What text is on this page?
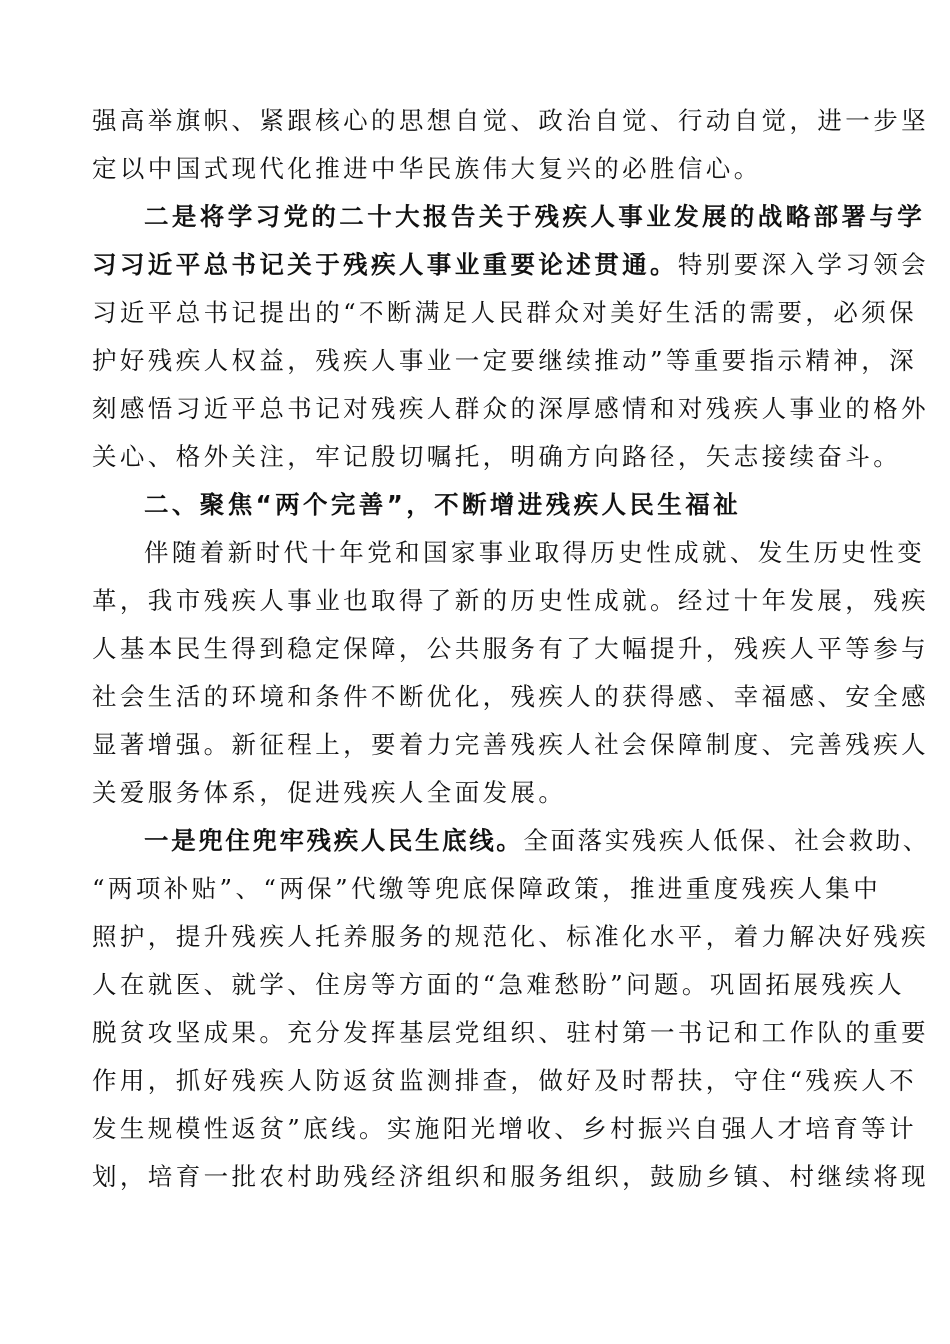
强高举旗帜、紧跟核心的思想自觉、政治自觉、行动自觉，进一步坚
定以中国式现代化推进中华民族伟大复兴的必胜信心。
二是将学习党的二十大报告关于残疾人事业发展的战略部署与学
习习近平总书记关于残疾人事业重要论述贯通。特别要深入学习领会
习近平总书记提出的“不断满足人民群众对美好生活的需要，必须保
护好残疾人权益，残疾人事业一定要继续推动”等重要指示精神，深
刻感悟习近平总书记对残疾人群众的深厚感情和对残疾人事业的格外
关心、格外关注，牢记殷切嘱托，明确方向路径，矢志接续奋斗。
二、聚焦“两个完善”，不断增进残疾人民生福祉
伴随着新时代十年党和国家事业取得历史性成就、发生历史性变
革，我市残疾人事业也取得了新的历史性成就。经过十年发展，残疾
人基本民生得到稳定保障，公共服务有了大幅提升，残疾人平等参与
社会生活的环境和条件不断优化，残疾人的获得感、幸福感、安全感
显著增强。新征程上，要着力完善残疾人社会保障制度、完善残疾人
关爱服务体系，促进残疾人全面发展。
一是兜住兜牢残疾人民生底线。全面落实残疾人低保、社会救助、
“两项补贴”、“两保”代缴等兜底保障政策，推进重度残疾人集中
照护，提升残疾人托养服务的规范化、标准化水平，着力解决好残疾
人在就医、就学、住房等方面的“急难愁盼”问题。巩固拓展残疾人
脱贫攻坚成果。充分发挥基层党组织、驻村第一书记和工作队的重要
作用，抓好残疾人防返贫监测排查，做好及时帮扶，守住“残疾人不
发生规模性返贫”底线。实施阳光增收、乡村振兴自强人才培育等计
划，培育一批农村助残经济组织和服务组织，鼓励乡镇、村继续将现
